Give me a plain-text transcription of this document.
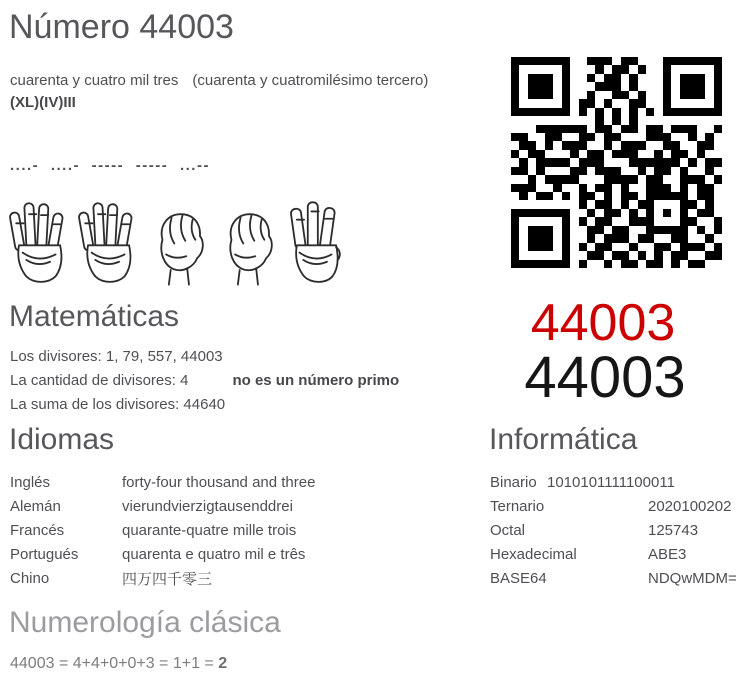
Número 44003

cuarenta y cuatro mil tres (cuarenta y cuatromilésimo tercero)

(XL)(IV)III

....- ....- ----- ----- ...--

44003
44003
Matemáticas

Los divisores: 1, 79, 557, 44003

La cantidad de divisores: 4	no es un número primo

La suma de los divisores: 44640

Idiomas
Inglés	forty-four thousand and three
Alemán	vierundvierzigtausenddrei
Francés	quarante-quatre mille trois
Portugués	quarenta e quatro mil e três
Chino	四万四千零三
Informática
Binario 1010101111100011
Ternario	2020100202
Octal	125743
Hexadecimal	ABE3
BASE64	NDQwMDM=
Numerología clásica

44003 = 4+4+0+0+3 = 1+1 = 2
